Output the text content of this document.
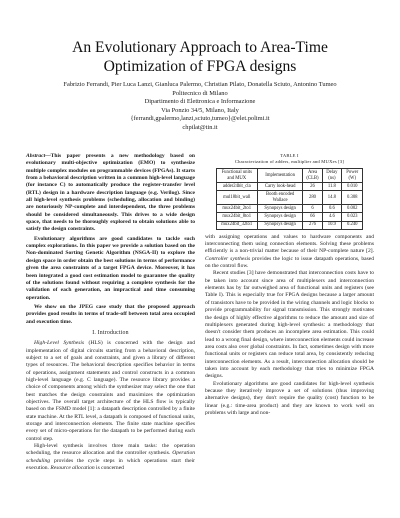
An Evolutionary Approach to Area-Time
Optimization of FPGA designs
Fabrizio Ferrandi, Pier Luca Lanzi, Gianluca Palermo, Christian Pilato, Donatella Sciuto, Antonino Tumeo
Politecnico di Milano
Dipartimento di Elettronica e Informazione
Via Ponzio 34/5, Milano, Italy
{ferrandi,gpalermo,lanzi,sciuto,tumeo}@elet.polimi.it
chpilat@tin.it
Abstract—This paper presents a new methodology based on evolutionary multi-objective optimization (EMO) to synthesize multiple complex modules on programmable devices (FPGAs). It starts from a behavioral description written in a common high-level language (for instance C) to automatically produce the register-transfer level (RTL) design in a hardware description language (e.g. Verilog). Since all high-level synthesis problems (scheduling, allocation and binding) are notoriously NP-complete and interdependent, the three problems should be considered simultaneously. This drives to a wide design space, that needs to be thoroughly explored to obtain solutions able to satisfy the design constraints.
Evolutionary algorithms are good candidates to tackle such complex explorations. In this paper we provide a solution based on the Non-dominated Sorting Genetic Algorithm (NSGA-II) to explore the design space in order obtain the best solutions in terms of performance given the area constraints of a target FPGA device. Moreover, it has been integrated a good cost estimation model to guarantee the quality of the solutions found without requiring a complete synthesis for the validation of each generation, an impractical and time consuming operation.
We show on the JPEG case study that the proposed approach provides good results in terms of trade-off between total area occupied and execution time.
I. Introduction

High-Level Synthesis (HLS) is concerned with the design and implementation of digital circuits starting from a behavioral description, subject to a set of goals and constraints, and given a library of different types of resources. The behavioral description specifies behavior in terms of operations, assignment statements and control constructs in a common high-level language (e.g. C language). The resource library provides a choice of components among which the synthesizer may select the one that best matches the design constraints and maximizes the optimization objectives. The overall target architecture of the HLS flow is typically based on the FSMD model [1]: a datapath description controlled by a finite state machine. At the RTL level, a datapath is composed of functional units, storage and interconnection elements. The finite state machine specifies every set of micro-operations for the datapath to be performed during each control step.

High-level synthesis involves three main tasks: the operation scheduling, the resource allocation and the controller synthesis. Operation scheduling provides the cycle steps in which operations start their execution. Resource allocation is concerned

TABLE I
Characterization of adders, multiplier and MUXes [3]
Functional units and MUX	Implementation	Area (CLB)	Delay (ns)	Power (W)
adder24bit_cla	Carry look-head	26	11.8	0.010
mul18bit_wall	Booth encoded Wallace	280	14.8	0.308
mux24bit_2to1	Synopsys design	6	0.6	0.002
mux24bit_8to1	Synopsys design	66	4.6	0.023
mux24bit_32to1	Synopsys design	276	10.9	0.240

with assigning operations and values to hardware components and interconnecting them using connection elements. Solving these problems efficiently is a non-trivial matter because of their NP-complete nature [2]. Controller synthesis provides the logic to issue datapath operations, based on the control flow.

Recent studies [3] have demonstrated that interconnection costs have to be taken into account since area of multiplexers and interconnection elements has by far outweighed area of functional units and registers (see Table I). This is especially true for FPGA designs because a larger amount of transistors have to be provided in the wiring channels and logic blocks to provide programmability for signal transmission. This strongly motivates the design of highly effective algorithms to reduce the amount and size of multiplexers generated during high-level synthesis: a methodology that doesn't consider them produces an incomplete area estimation. This could lead to a wrong final design, where interconnection elements could increase area costs also over global constraints. In fact, sometimes design with more functional units or registers can reduce total area, by consistently reducing interconnection elements. As a result, interconnection allocation should be taken into account by each methodology that tries to minimize FPGA designs.

Evolutionary algorithms are good candidates for high-level synthesis because they iteratively improve a set of solutions (thus improving alternative designs), they don't require the quality (cost) function to be linear (e.g.: time-area product) and they are known to work well on problems with large and non-
